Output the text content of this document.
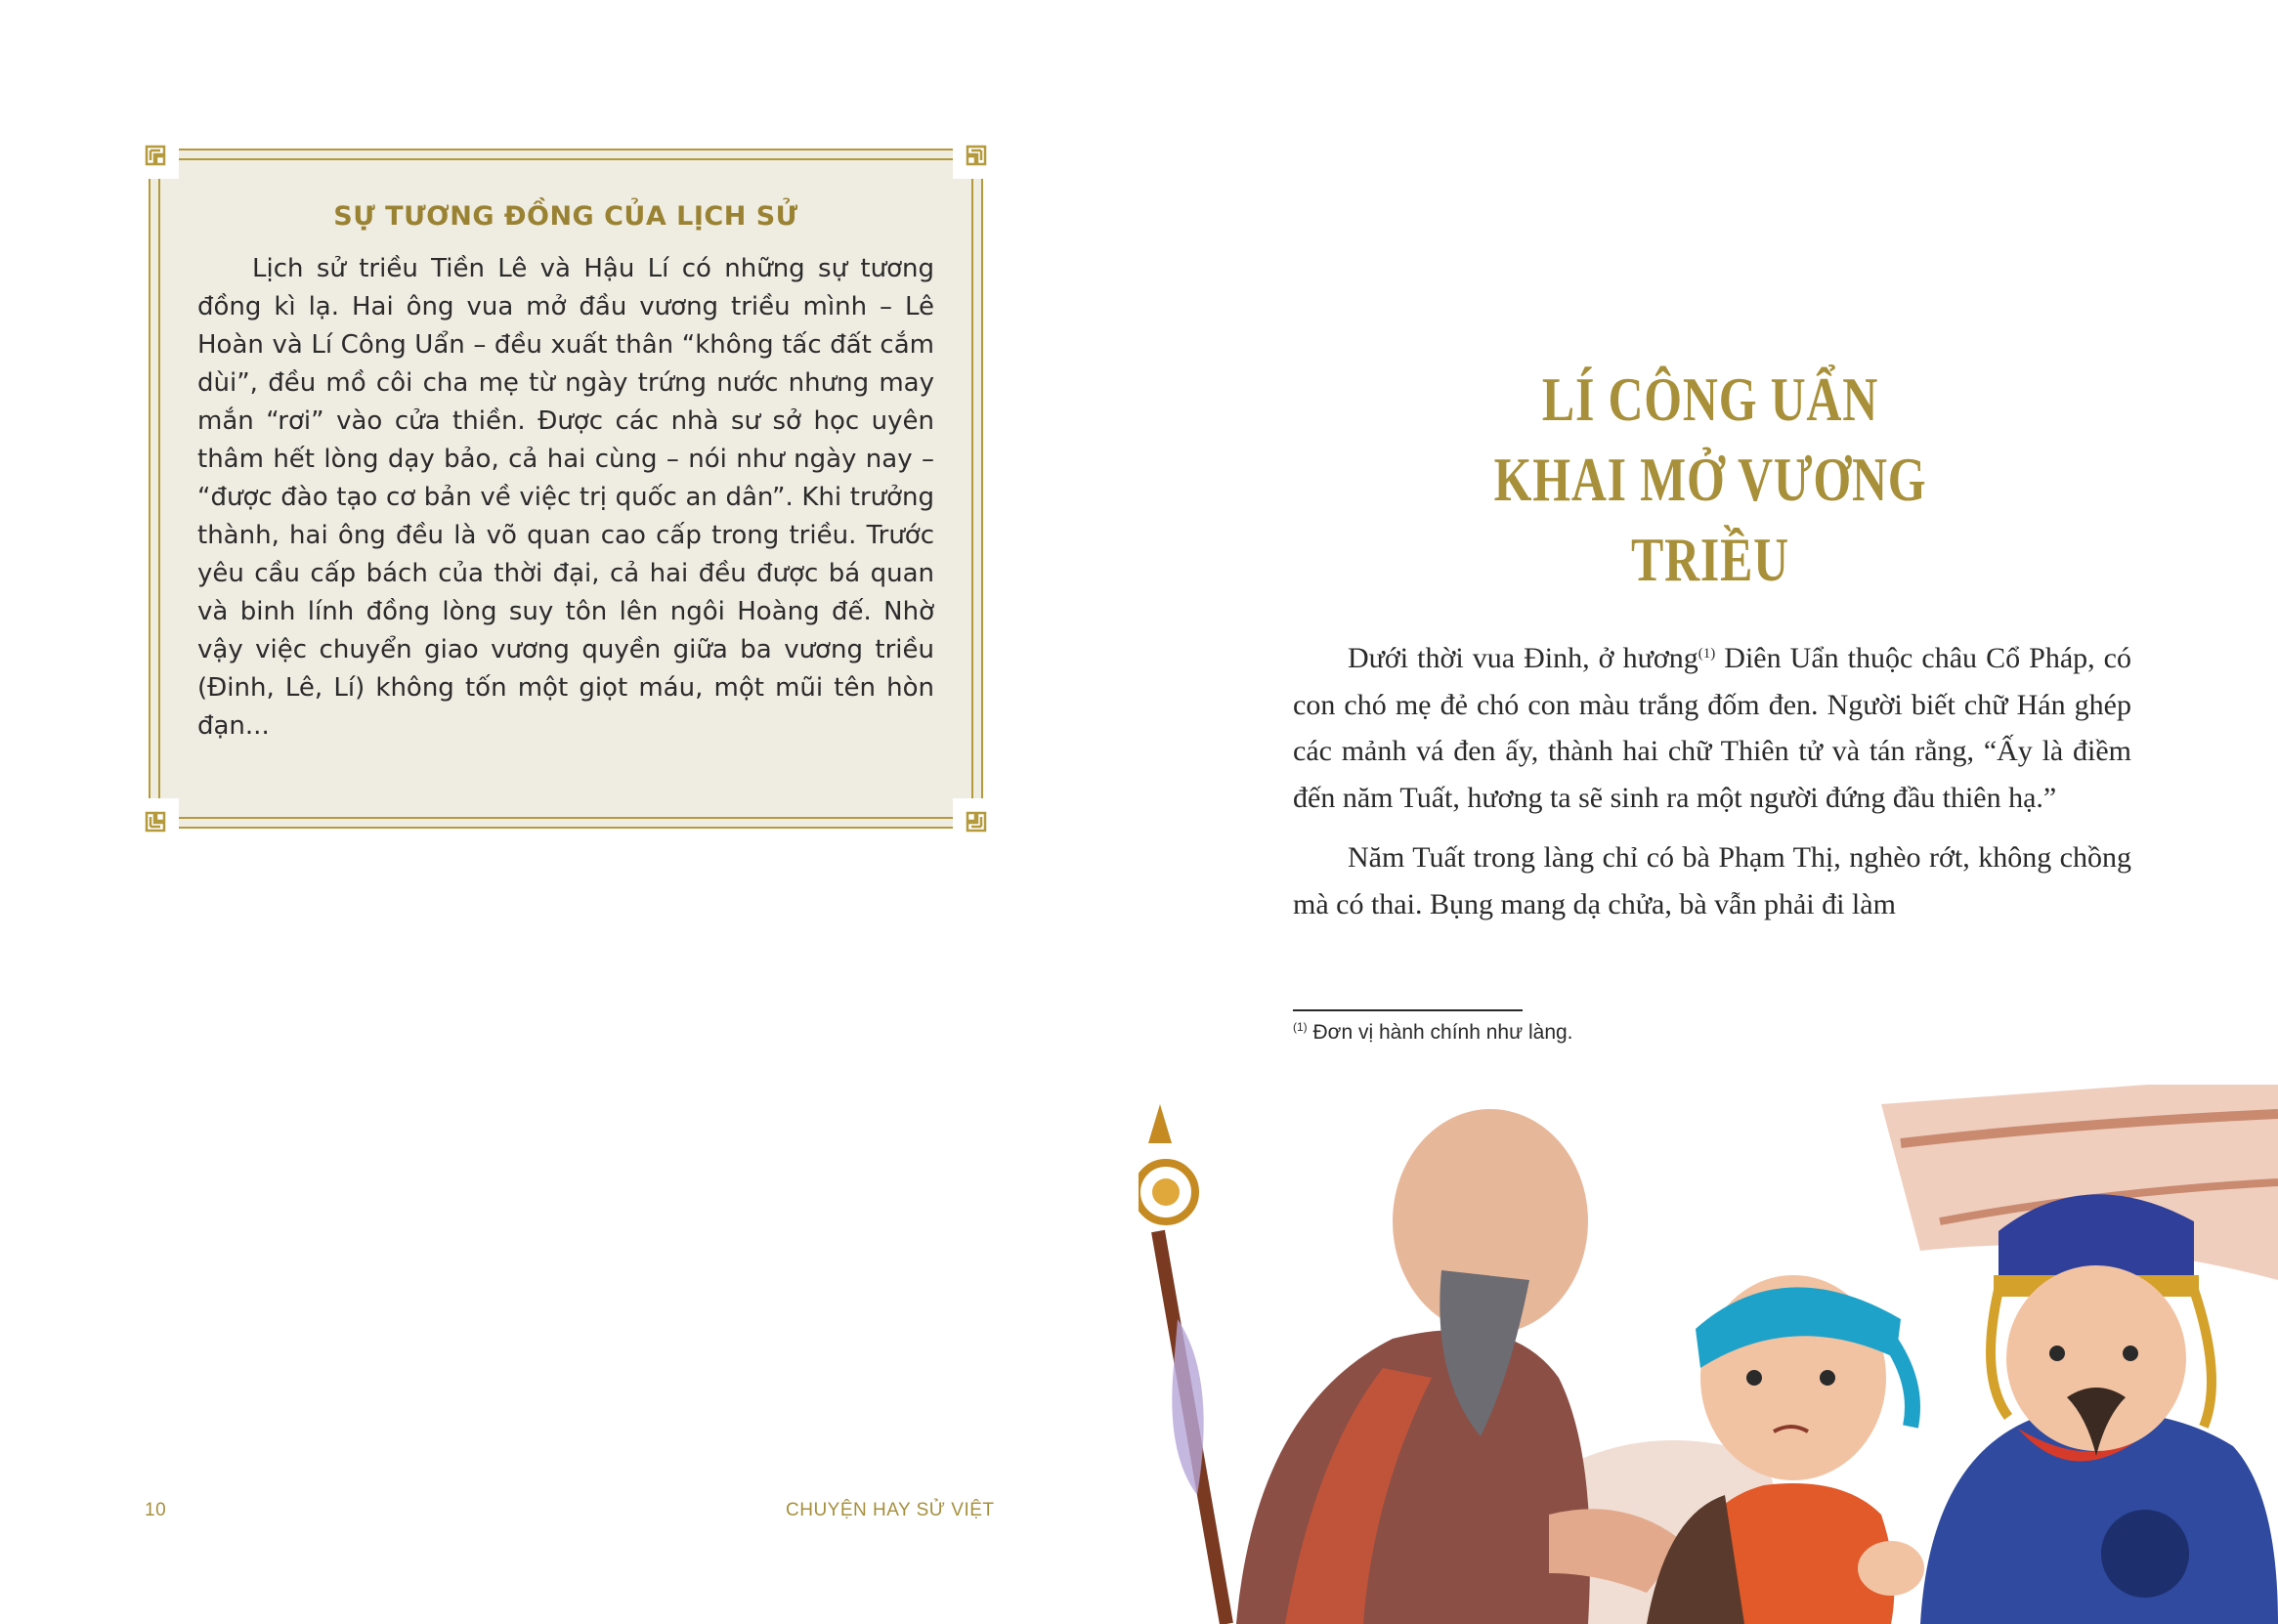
SỰ TƯƠNG ĐỒNG CỦA LỊCH SỬ
Lịch sử triều Tiền Lê và Hậu Lí có những sự tương đồng kì lạ. Hai ông vua mở đầu vương triều mình – Lê Hoàn và Lí Công Uẩn – đều xuất thân “không tấc đất cắm dùi”, đều mồ côi cha mẹ từ ngày trứng nước nhưng may mắn “rơi” vào cửa thiền. Được các nhà sư sở học uyên thâm hết lòng dạy bảo, cả hai cùng – nói như ngày nay – “được đào tạo cơ bản về việc trị quốc an dân”. Khi trưởng thành, hai ông đều là võ quan cao cấp trong triều. Trước yêu cầu cấp bách của thời đại, cả hai đều được bá quan và binh lính đồng lòng suy tôn lên ngôi Hoàng đế. Nhờ vậy việc chuyển giao vương quyền giữa ba vương triều (Đinh, Lê, Lí) không tốn một giọt máu, một mũi tên hòn đạn...
10	CHUYỆN HAY SỬ VIỆT
LÍ CÔNG UẨN
KHAI MỞ VƯƠNG TRIỀU

Dưới thời vua Đinh, ở hương$^{(1)}$ Diên Uẩn thuộc châu Cổ Pháp, có con chó mẹ đẻ chó con màu trắng đốm đen. Người biết chữ Hán ghép các mảnh vá đen ấy, thành hai chữ Thiên tử và tán rằng, “Ấy là điềm đến năm Tuất, hương ta sẽ sinh ra một người đứng đầu thiên hạ.”

Năm Tuất trong làng chỉ có bà Phạm Thị, nghèo rớt, không chồng mà có thai. Bụng mang dạ chửa, bà vẫn phải đi làm

$^{(1)}$ Đơn vị hành chính như làng.
